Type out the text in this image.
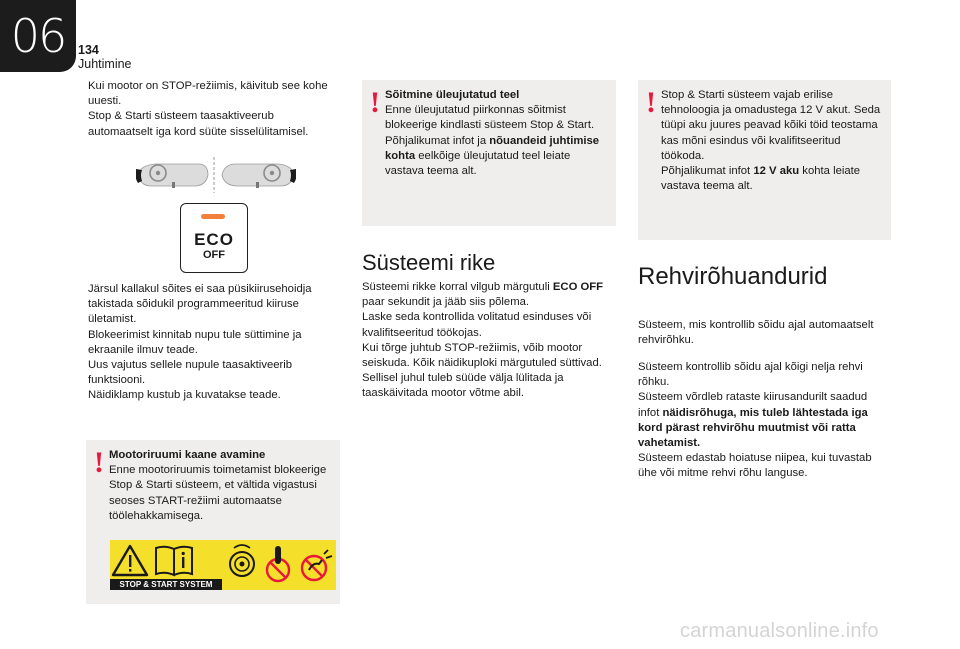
06	134
Juhtimine

Kui mootor on STOP-režiimis, käivitub see kohe uuesti.

Stop & Starti süsteem taasaktiveerub automaatselt iga kord süüte sisselülitamisel.

ECO
OFF

Järsul kallakul sõites ei saa püsikiirusehoidja takistada sõidukil programmeeritud kiiruse ületamist.

Blokeerimist kinnitab nupu tule süttimine ja ekraanile ilmuv teade.

Uus vajutus sellele nupule taasaktiveerib funktsiooni.

Näidiklamp kustub ja kuvatakse teade.

! Mootoriruumi kaane avamine

Enne mootoriruumis toimetamist blokeerige Stop & Starti süsteem, et vältida vigastusi seoses START-režiimi automaatse töölehakkamisega.

STOP & START SYSTEM
! Sõitmine üleujutatud teel

Enne üleujutatud piirkonnas sõitmist blokeerige kindlasti süsteem Stop & Start.

Põhjalikumat infot ja nõuandeid juhtimise kohta eelkõige üleujutatud teel leiate vastava teema alt.

Süsteemi rike

Süsteemi rikke korral vilgub märgutuli ECO OFF paar sekundit ja jääb siis põlema.

Laske seda kontrollida volitatud esinduses või kvalifitseeritud töökojas.

Kui tõrge juhtub STOP-režiimis, võib mootor seiskuda. Kõik näidikuploki märgutuled süttivad. Sellisel juhul tuleb süüde välja lülitada ja taaskäivitada mootor võtme abil.

! Stop & Starti süsteem vajab erilise tehnoloogia ja omadustega 12 V akut. Seda tüüpi aku juures peavad kõiki töid teostama kas mõni esindus või kvalifitseeritud töökoda.

Põhjalikumat infot 12 V aku kohta leiate vastava teema alt.

Rehvirõhuandurid

Süsteem, mis kontrollib sõidu ajal automaatselt rehvirõhku.

Süsteem kontrollib sõidu ajal kõigi nelja rehvi rõhku.

Süsteem võrdleb rataste kiirusandurilt saadud infot näidisrõhuga, mis tuleb lähtestada iga kord pärast rehvirõhu muutmist või ratta vahetamist.

Süsteem edastab hoiatuse niipea, kui tuvastab ühe või mitme rehvi rõhu languse.

carmanualsonline.info
